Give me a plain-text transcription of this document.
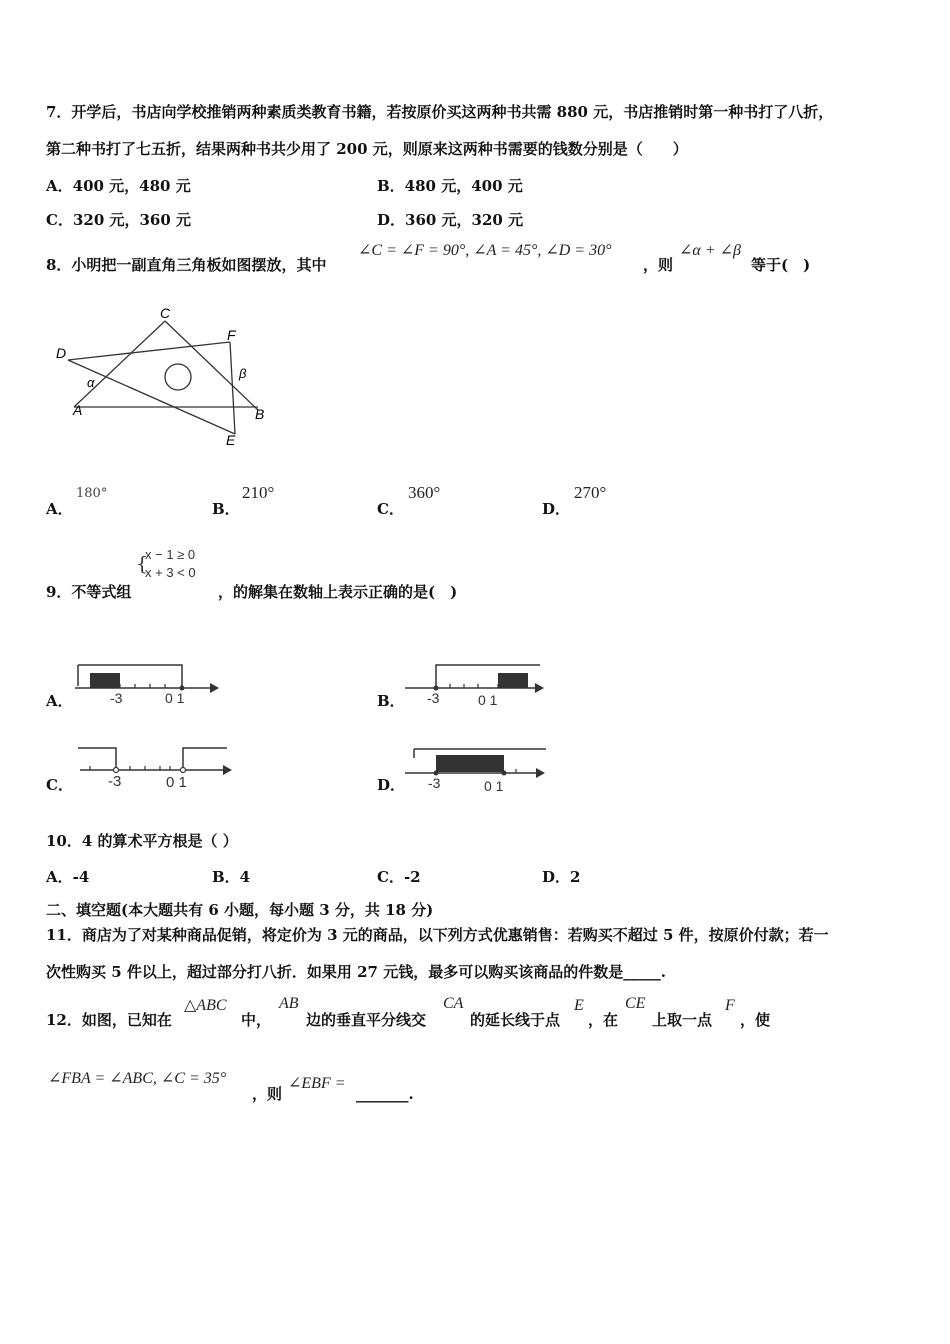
7．开学后，书店向学校推销两种素质类教育书籍，若按原价买这两种书共需 880 元，书店推销时第一种书打了八折，
第二种书打了七五折，结果两种书共少用了 200 元，则原来这两种书需要的钱数分别是（　　）
A．400 元，480 元	B．480 元，400 元
C．320 元，360 元	D．360 元，320 元
8．小明把一副直角三角板如图摆放，其中
∠C = ∠F = 90°, ∠A = 45°, ∠D = 30°
，则
∠α + ∠β
等于(　)
C
F
D
α
β
A	B
E
A．
180°
B．
210°
C．
360°
D．
270°
9．不等式组
{
x − 1 ≥ 0
x + 3 < 0
，的解集在数轴上表示正确的是(　)
A．	-3	0 1	B． -3	0 1
C． -3	0 1	D． -3	0 1
10．4 的算术平方根是（ ）
A．-4	B．4	C．-2	D．2
二、填空题(本大题共有 6 小题，每小题 3 分，共 18 分)
11．商店为了对某种商品促销，将定价为 3 元的商品，以下列方式优惠销售：若购买不超过 5 件，按原价付款；若一
次性购买 5 件以上，超过部分打八折．如果用 27 元钱，最多可以购买该商品的件数是_____.
12．如图，已知在
△ABC
中，
AB
边的垂直平分线交
CA
的延长线于点
E
，在
CE
上取一点
F
，使
∠FBA = ∠ABC, ∠C = 35°
，则
∠EBF =
_______.
